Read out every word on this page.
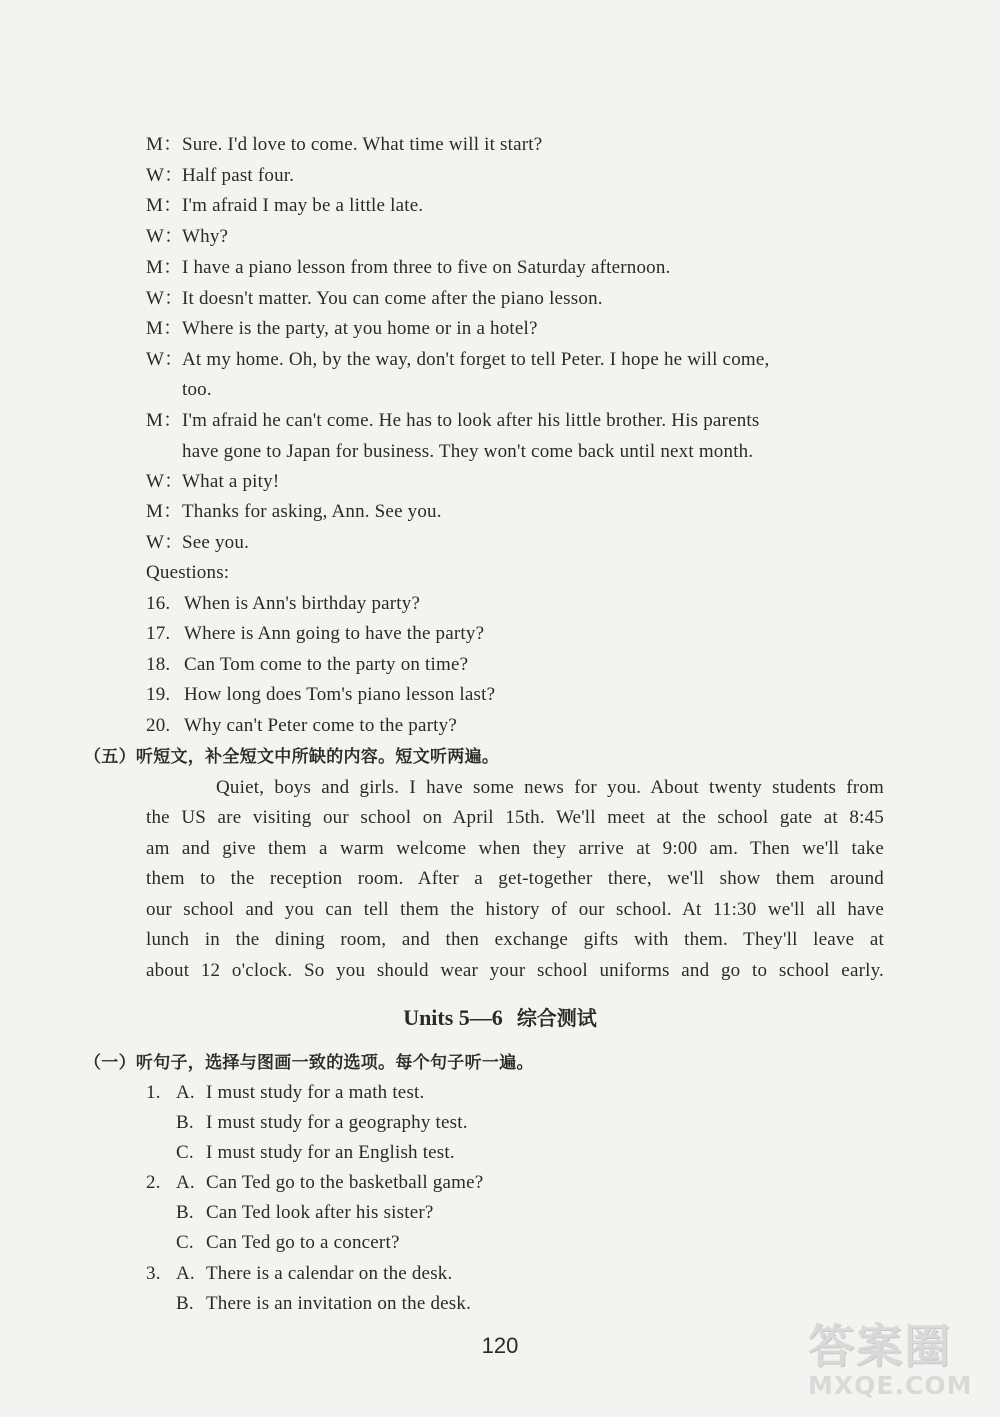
M：Sure. I'd love to come. What time will it start?
W：Half past four.
M：I'm afraid I may be a little late.
W：Why?
M：I have a piano lesson from three to five on Saturday afternoon.
W：It doesn't matter. You can come after the piano lesson.
M：Where is the party, at you home or in a hotel?
W：At my home. Oh, by the way, don't forget to tell Peter. I hope he will come,
too.
M：I'm afraid he can't come. He has to look after his little brother. His parents
have gone to Japan for business. They won't come back until next month.
W：What a pity!
M：Thanks for asking, Ann. See you.
W：See you.
Questions:
16. When is Ann's birthday party?
17. Where is Ann going to have the party?
18. Can Tom come to the party on time?
19. How long does Tom's piano lesson last?
20. Why can't Peter come to the party?
（五）听短文，补全短文中所缺的内容。短文听两遍。
Quiet, boys and girls. I have some news for you. About twenty students from
the US are visiting our school on April 15th. We'll meet at the school gate at 8:45
am and give them a warm welcome when they arrive at 9:00 am. Then we'll take
them to the reception room. After a get-together there, we'll show them around
our school and you can tell them the history of our school. At 11:30 we'll all have
lunch in the dining room, and then exchange gifts with them. They'll leave at
about 12 o'clock. So you should wear your school uniforms and go to school early.
Units 5—6 综合测试
（一）听句子，选择与图画一致的选项。每个句子听一遍。
1. A. I must study for a math test.
B. I must study for a geography test.
C. I must study for an English test.
2. A. Can Ted go to the basketball game?
B. Can Ted look after his sister?
C. Can Ted go to a concert?
3. A. There is a calendar on the desk.
B. There is an invitation on the desk.
120	答案圈
MXQE.COM
